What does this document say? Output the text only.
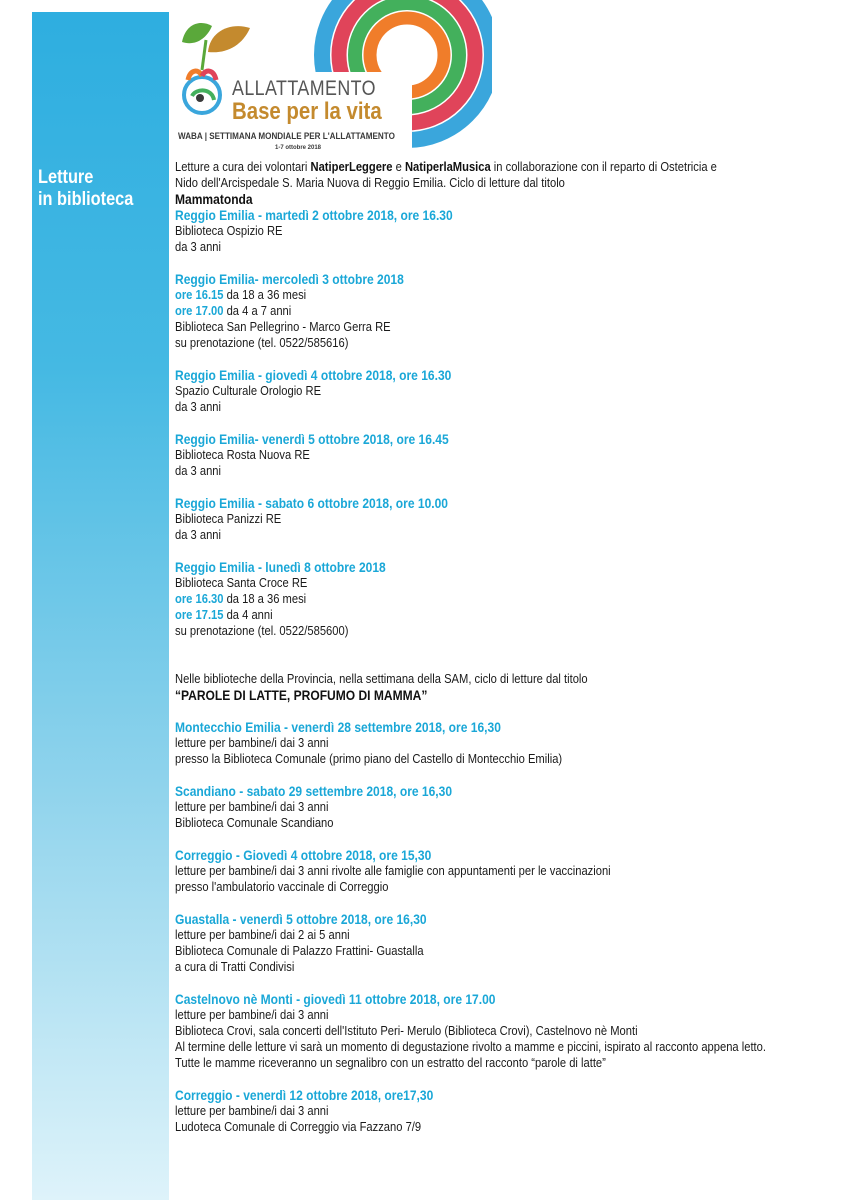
Letture
in biblioteca
ALLATTAMENTO
Base per la vita
WABA | SETTIMANA MONDIALE PER L'ALLATTAMENTO
1-7 ottobre 2018

Letture a cura dei volontari NatiperLeggere e NatiperlaMusica in collaborazione con il reparto di Ostetricia e

Nido dell'Arcispedale S. Maria Nuova di Reggio Emilia. Ciclo di letture dal titolo

Mammatonda

Reggio Emilia - martedì 2 ottobre 2018, ore 16.30

Biblioteca Ospizio RE

da 3 anni

Reggio Emilia- mercoledì 3 ottobre 2018

ore 16.15 da 18 a 36 mesi

ore 17.00 da 4 a 7 anni

Biblioteca San Pellegrino - Marco Gerra RE

su prenotazione (tel. 0522/585616)

Reggio Emilia - giovedì 4 ottobre 2018, ore 16.30

Spazio Culturale Orologio RE

da 3 anni

Reggio Emilia- venerdì 5 ottobre 2018, ore 16.45

Biblioteca Rosta Nuova RE

da 3 anni

Reggio Emilia - sabato 6 ottobre 2018, ore 10.00

Biblioteca Panizzi RE

da 3 anni

Reggio Emilia - lunedì 8 ottobre 2018

Biblioteca Santa Croce RE

ore 16.30 da 18 a 36 mesi

ore 17.15 da 4 anni

su prenotazione (tel. 0522/585600)

Nelle biblioteche della Provincia, nella settimana della SAM, ciclo di letture dal titolo

“PAROLE DI LATTE, PROFUMO DI MAMMA”

Montecchio Emilia - venerdì 28 settembre 2018, ore 16,30

letture per bambine/i dai 3 anni

presso la Biblioteca Comunale (primo piano del Castello di Montecchio Emilia)

Scandiano - sabato 29 settembre 2018, ore 16,30

letture per bambine/i dai 3 anni

Biblioteca Comunale Scandiano

Correggio - Giovedì 4 ottobre 2018, ore 15,30

letture per bambine/i dai 3 anni rivolte alle famiglie con appuntamenti per le vaccinazioni

presso l'ambulatorio vaccinale di Correggio

Guastalla - venerdì 5 ottobre 2018, ore 16,30

letture per bambine/i dai 2 ai 5 anni

Biblioteca Comunale di Palazzo Frattini- Guastalla

a cura di Tratti Condivisi

Castelnovo nè Monti - giovedì 11 ottobre 2018, ore 17.00

letture per bambine/i dai 3 anni

Biblioteca Crovi, sala concerti dell'Istituto Peri- Merulo (Biblioteca Crovi), Castelnovo nè Monti

Al termine delle letture vi sarà un momento di degustazione rivolto a mamme e piccini, ispirato al racconto appena letto.

Tutte le mamme riceveranno un segnalibro con un estratto del racconto “parole di latte”

Correggio - venerdì 12 ottobre 2018, ore17,30

letture per bambine/i dai 3 anni

Ludoteca Comunale di Correggio via Fazzano 7/9
